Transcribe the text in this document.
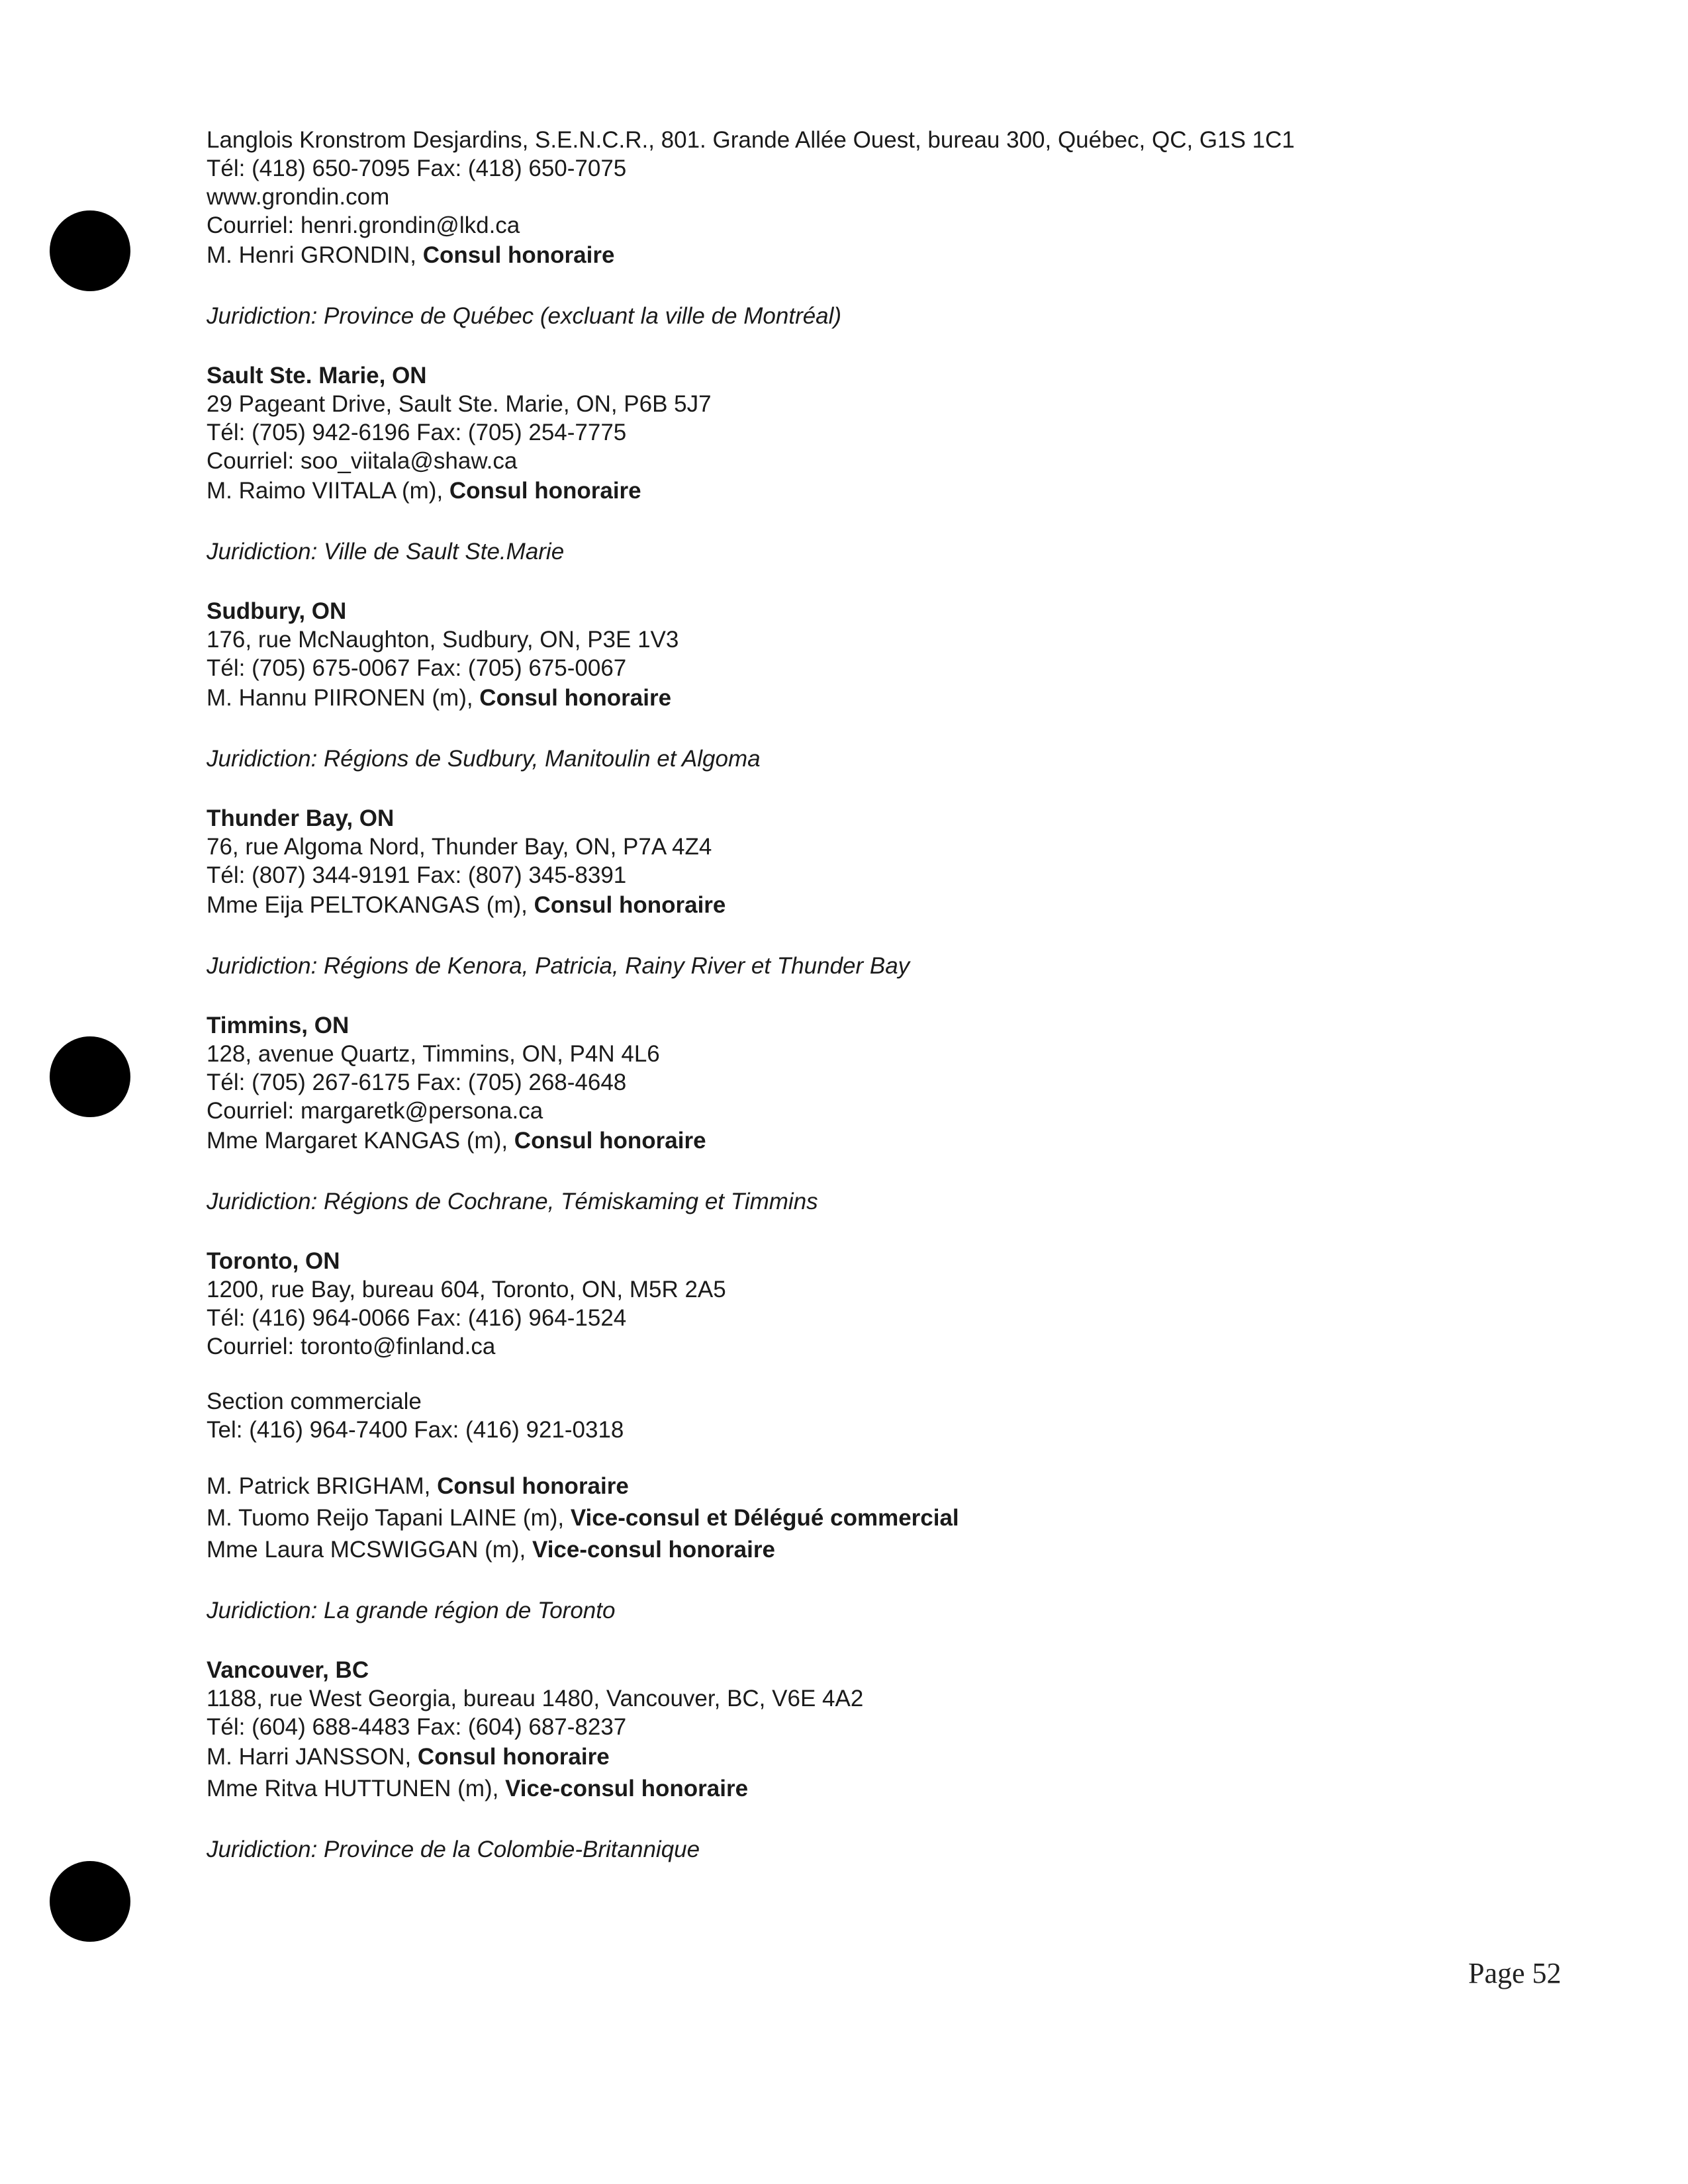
Langlois Kronstrom Desjardins, S.E.N.C.R., 801. Grande Allée Ouest, bureau 300, Québec, QC, G1S 1C1
Tél: (418) 650-7095 Fax: (418) 650-7075
www.grondin.com
Courriel: henri.grondin@lkd.ca
M. Henri GRONDIN, Consul honoraire
Juridiction: Province de Québec (excluant la ville de Montréal)
Sault Ste. Marie, ON
29 Pageant Drive, Sault Ste. Marie, ON, P6B 5J7
Tél: (705) 942-6196 Fax: (705) 254-7775
Courriel: soo_viitala@shaw.ca
M. Raimo VIITALA (m), Consul honoraire
Juridiction: Ville de Sault Ste.Marie
Sudbury, ON
176, rue McNaughton, Sudbury, ON, P3E 1V3
Tél: (705) 675-0067 Fax: (705) 675-0067
M. Hannu PIIRONEN (m), Consul honoraire
Juridiction: Régions de Sudbury, Manitoulin et Algoma
Thunder Bay, ON
76, rue Algoma Nord, Thunder Bay, ON, P7A 4Z4
Tél: (807) 344-9191 Fax: (807) 345-8391
Mme Eija PELTOKANGAS (m), Consul honoraire
Juridiction: Régions de Kenora, Patricia, Rainy River et Thunder Bay
Timmins, ON
128, avenue Quartz, Timmins, ON, P4N 4L6
Tél: (705) 267-6175 Fax: (705) 268-4648
Courriel: margaretk@persona.ca
Mme Margaret KANGAS (m), Consul honoraire
Juridiction: Régions de Cochrane, Témiskaming et Timmins
Toronto, ON
1200, rue Bay, bureau 604, Toronto, ON, M5R 2A5
Tél: (416) 964-0066 Fax: (416) 964-1524
Courriel: toronto@finland.ca
Section commerciale
Tel: (416) 964-7400 Fax: (416) 921-0318
M. Patrick BRIGHAM, Consul honoraire
M. Tuomo Reijo Tapani LAINE (m), Vice-consul et Délégué commercial
Mme Laura MCSWIGGAN (m), Vice-consul honoraire
Juridiction: La grande région de Toronto
Vancouver, BC
1188, rue West Georgia, bureau 1480, Vancouver, BC, V6E 4A2
Tél: (604) 688-4483 Fax: (604) 687-8237
M. Harri JANSSON, Consul honoraire
Mme Ritva HUTTUNEN (m), Vice-consul honoraire
Juridiction: Province de la Colombie-Britannique
Page 52
